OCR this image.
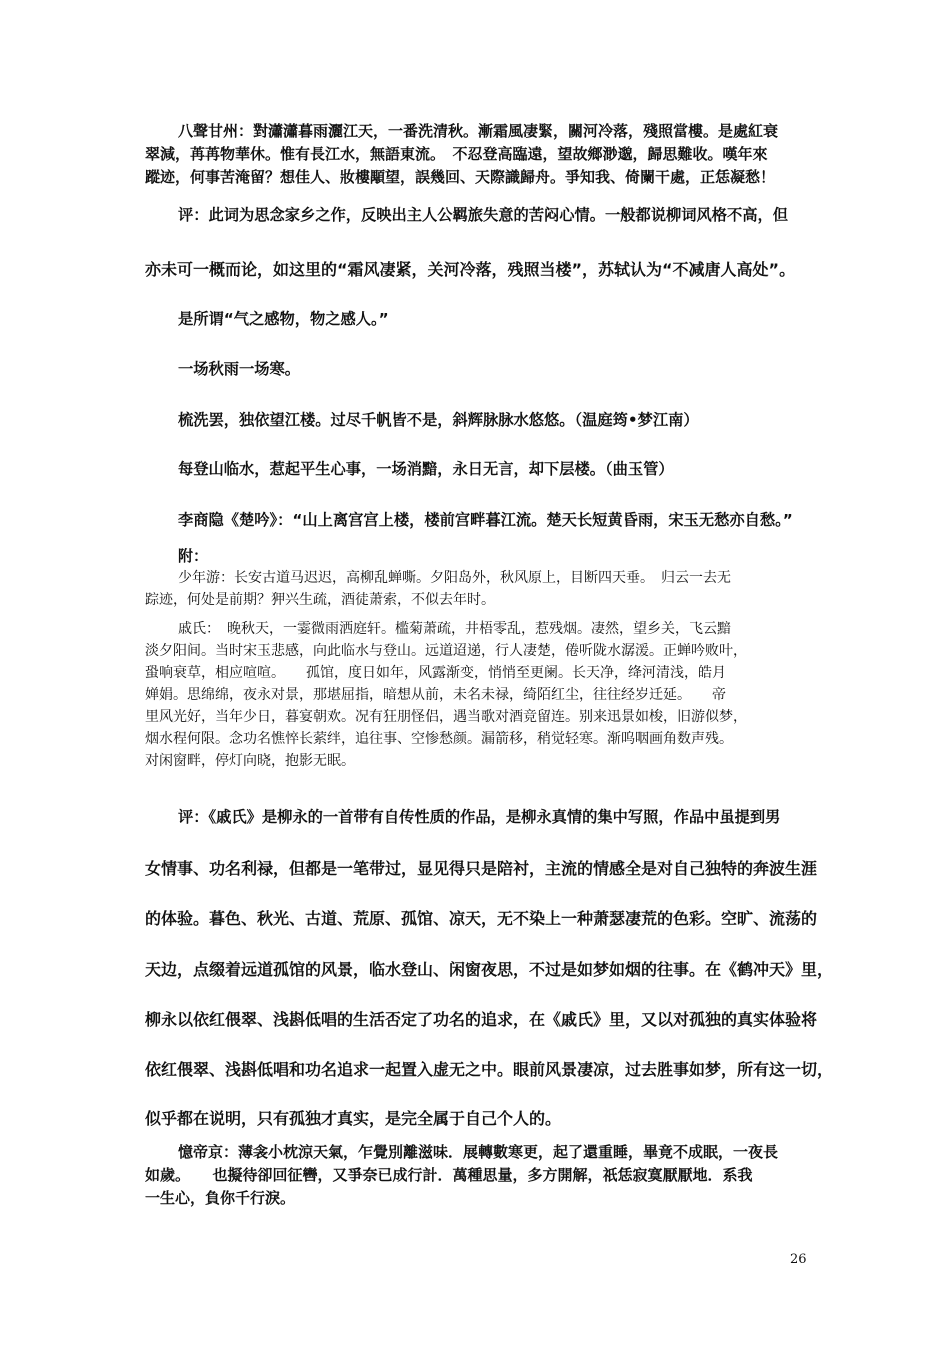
八聲甘州：對瀟瀟暮雨灑江天，一番洗清秋。漸霜風凄緊，關河冷落，殘照當樓。是處紅衰
翠減，苒苒物華休。惟有長江水，無語東流。　不忍登高臨遠，望故鄉渺邈，歸思難收。嘆年來
蹤迹，何事苦淹留？想佳人、妝樓顒望，誤幾回、天際識歸舟。爭知我、倚闌干處，正恁凝愁！
评：此词为思念家乡之作，反映出主人公羁旅失意的苦闷心情。一般都说柳词风格不高，但
亦未可一概而论，如这里的“霜风凄紧，关河冷落，残照当楼”，苏轼认为“不减唐人高处”。
是所谓“气之感物，物之感人。”
一场秋雨一场寒。
梳洗罢，独依望江楼。过尽千帆皆不是，斜辉脉脉水悠悠。（温庭筠•梦江南）
每登山临水，惹起平生心事，一场消黯，永日无言，却下层楼。（曲玉管）
李商隐《楚吟》：“山上离宫宫上楼，楼前宫畔暮江流。楚天长短黄昏雨，宋玉无愁亦自愁。”
附：
少年游：长安古道马迟迟，高柳乱蝉嘶。夕阳岛外，秋风原上，目断四天垂。　归云一去无
踪迹，何处是前期？狎兴生疏，酒徒萧索，不似去年时。
戚氏：　晚秋天，一霎微雨洒庭轩。槛菊萧疏，井梧零乱，惹残烟。凄然，望乡关，飞云黯
淡夕阳间。当时宋玉悲感，向此临水与登山。远道迢递，行人凄楚，倦听陇水潺湲。正蝉吟败叶，
蛩响衰草，相应喧喧。　　孤馆，度日如年，风露渐变，悄悄至更阑。长天净，绛河清浅，皓月
婵娟。思绵绵，夜永对景，那堪屈指，暗想从前，未名未禄，绮陌红尘，往往经岁迁延。　　帝
里风光好，当年少日，暮宴朝欢。况有狂朋怪侣，遇当歌对酒竞留连。别来迅景如梭，旧游似梦，
烟水程何限。念功名憔悴长萦绊，追往事、空惨愁颜。漏箭移，稍觉轻寒。渐呜咽画角数声残。
对闲窗畔，停灯向晓，抱影无眠。
评：《戚氏》是柳永的一首带有自传性质的作品，是柳永真情的集中写照，作品中虽提到男
女情事、功名利禄，但都是一笔带过，显见得只是陪衬，主流的情感全是对自己独特的奔波生涯
的体验。暮色、秋光、古道、荒原、孤馆、凉天，无不染上一种萧瑟凄荒的色彩。空旷、流荡的
天边，点缀着远道孤馆的风景，临水登山、闲窗夜思，不过是如梦如烟的往事。在《鹤冲天》里，
柳永以依红偎翠、浅斟低唱的生活否定了功名的追求，在《戚氏》里，又以对孤独的真实体验将
依红偎翠、浅斟低唱和功名追求一起置入虚无之中。眼前风景凄凉，过去胜事如梦，所有这一切，
似乎都在说明，只有孤独才真实，是完全属于自己个人的。
憶帝京：薄衾小枕涼天氣，乍覺別離滋味．展轉數寒更，起了還重睡，畢竟不成眠，一夜長
如歲。　　也擬待卻回征轡，又爭奈已成行計．萬種思量，多方開解，祇恁寂寞厭厭地．系我
一生心，負你千行淚。
26
